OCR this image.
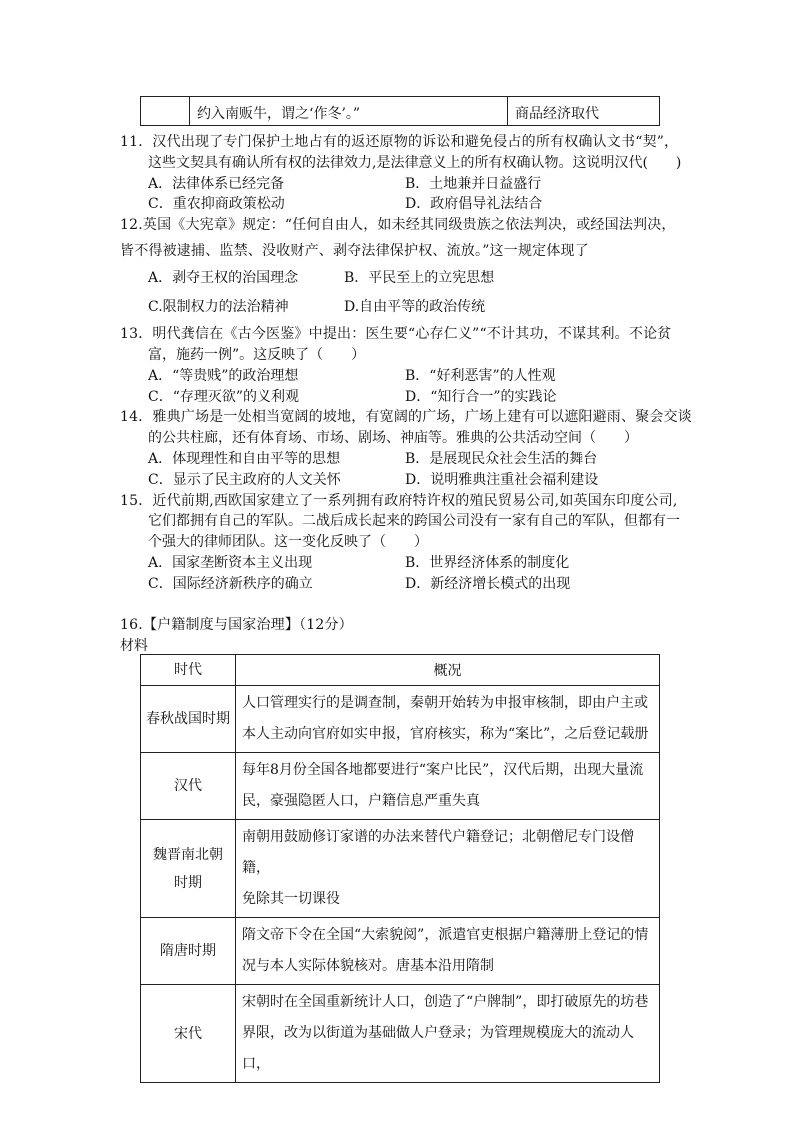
约入南贩牛，谓之‘作冬’。”	商品经济取代
11．汉代出现了专门保护土地占有的返还原物的诉讼和避免侵占的所有权确认文书“契”，
这些文契具有确认所有权的法律效力,是法律意义上的所有权确认物。这说明汉代(　　)
A．法律体系已经完备	B．土地兼并日益盛行
C．重农抑商政策松动	D．政府倡导礼法结合
12.英国《大宪章》规定：“任何自由人，如未经其同级贵族之依法判决，或经国法判决，
皆不得被逮捕、监禁、没收财产、剥夺法律保护权、流放。”这一规定体现了
A．剥夺王权的治国理念	B．平民至上的立宪思想
C.限制权力的法治精神	D.自由平等的政治传统
13．明代龚信在《古今医鉴》中提出：医生要“心存仁义”“不计其功，不谋其利。不论贫
富，施药一例”。这反映了（　　）
A．“等贵贱”的政治理想	B．“好利恶害”的人性观
C．“存理灭欲”的义利观	D．“知行合一”的实践论
14．雅典广场是一处相当宽阔的坡地，有宽阔的广场，广场上建有可以遮阳避雨、聚会交谈
的公共柱廊，还有体育场、市场、剧场、神庙等。雅典的公共活动空间（　　）
A．体现理性和自由平等的思想	B．是展现民众社会生活的舞台
C．显示了民主政府的人文关怀	D．说明雅典注重社会福利建设
15．近代前期,西欧国家建立了一系列拥有政府特许权的殖民贸易公司,如英国东印度公司,
它们都拥有自己的军队。二战后成长起来的跨国公司没有一家有自己的军队，但都有一
个强大的律师团队。这一变化反映了（　　）
A．国家垄断资本主义出现	B．世界经济体系的制度化
C．国际经济新秩序的确立	D．新经济增长模式的出现
16.【户籍制度与国家治理】（12分）
材料
时代	概况
春秋战国时期	人口管理实行的是调查制，秦朝开始转为申报审核制，即由户主或
本人主动向官府如实申报，官府核实，称为“案比”，之后登记载册

汉代	每年8月份全国各地都要进行“案户比民”，汉代后期，出现大量流
民，豪强隐匿人口，户籍信息严重失真

魏晋南北朝时期	南朝用鼓励修订家谱的办法来替代户籍登记；北朝僧尼专门设僧籍，
免除其一切课役

隋唐时期	隋文帝下令在全国“大索貌阅”，派遣官吏根据户籍薄册上登记的情
况与本人实际体貌核对。唐基本沿用隋制

宋代	宋朝时在全国重新统计人口，创造了“户牌制”，即打破原先的坊巷
界限，改为以街道为基础做人户登录；为管理规模庞大的流动人口，
